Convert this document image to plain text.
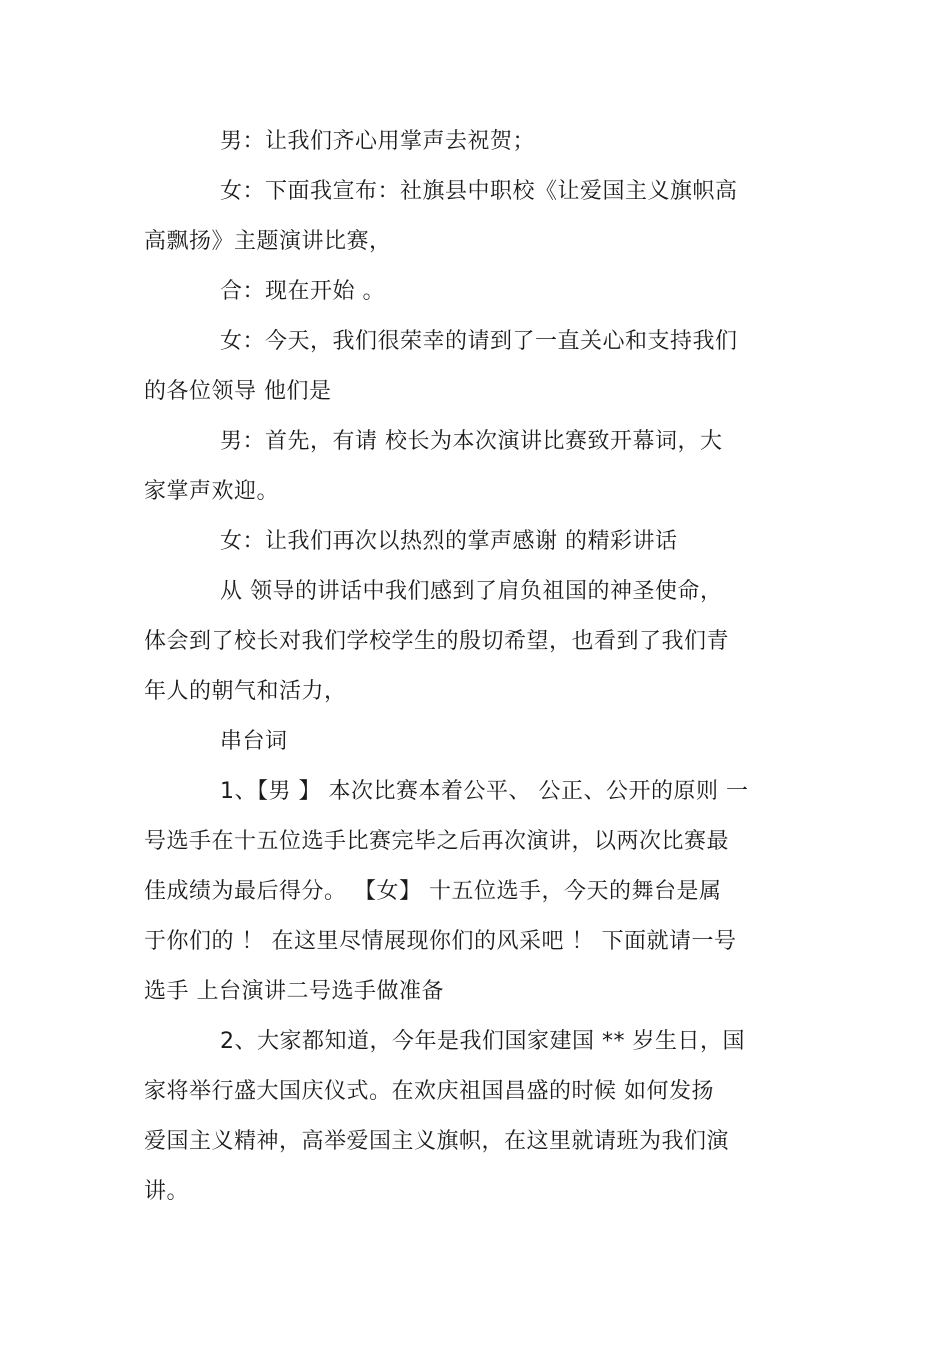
男：让我们齐心用掌声去祝贺；
女：下面我宣布：社旗县中职校《让爱国主义旗帜高
高飘扬》主题演讲比赛，
合：现在开始 。
女：今天，我们很荣幸的请到了一直关心和支持我们
的各位领导 他们是
男：首先，有请 校长为本次演讲比赛致开幕词，大
家掌声欢迎。
女：让我们再次以热烈的掌声感谢 的精彩讲话
从 领导的讲话中我们感到了肩负祖国的神圣使命，
体会到了校长对我们学校学生的殷切希望，也看到了我们青
年人的朝气和活力，
串台词
1、【男 】 本次比赛本着公平、 公正、公开的原则 一
号选手在十五位选手比赛完毕之后再次演讲，以两次比赛最
佳成绩为最后得分。 【女】 十五位选手，今天的舞台是属
于你们的 ！ 在这里尽情展现你们的风采吧 ！ 下面就请一号
选手 上台演讲二号选手做准备
2、大家都知道，今年是我们国家建国 ** 岁生日，国
家将举行盛大国庆仪式。在欢庆祖国昌盛的时候 如何发扬
爱国主义精神，高举爱国主义旗帜，在这里就请班为我们演
讲。
